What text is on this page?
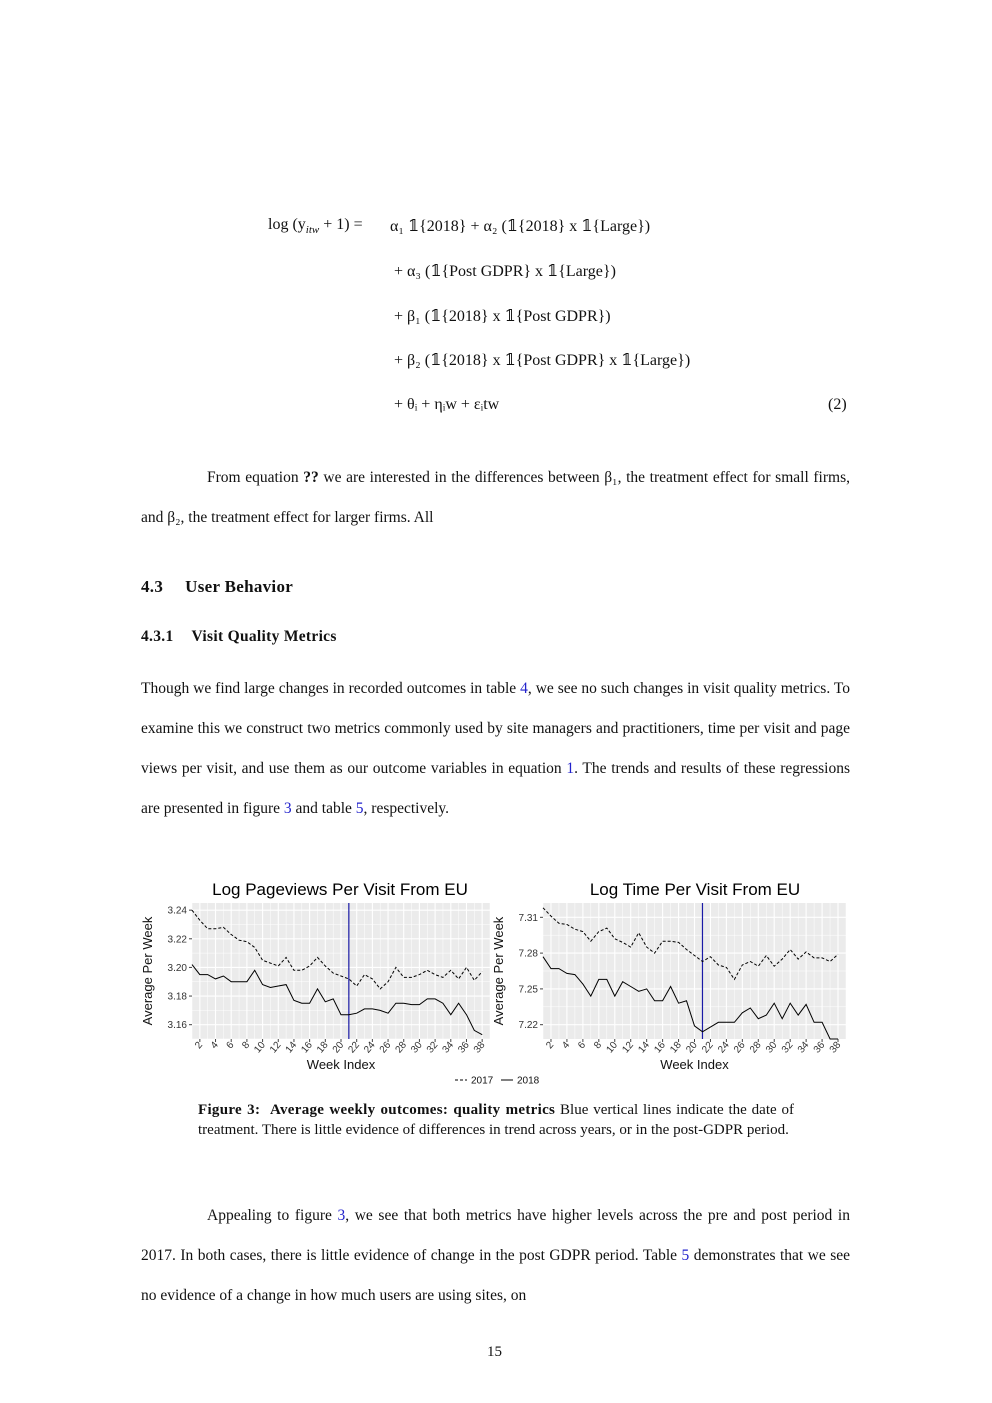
$\log (y_{itw} + 1) = \alpha_1$ 𝟙{2018} + α₂ (𝟙{2018} x 𝟙{Large})
+ α₃ (𝟙{Post GDPR} x 𝟙{Large})
+ β₁ (𝟙{2018} x 𝟙{Post GDPR})
+ β₂ (𝟙{2018} x 𝟙{Post GDPR} x 𝟙{Large})
+ θᵢ + ηᵢw + εᵢtw	(2)
From equation ?? we are interested in the differences between β₁, the treatment effect for small firms, and β₂, the treatment effect for larger firms. All
4.3 User Behavior
4.3.1 Visit Quality Metrics
Though we find large changes in recorded outcomes in table 4, we see no such changes in visit quality metrics. To examine this we construct two metrics commonly used by site managers and practitioners, time per visit and page views per visit, and use them as our outcome variables in equation 1. The trends and results of these regressions are presented in figure 3 and table 5, respectively.
Log Pageviews Per Visit From EU
3.16
3.18
3.20
3.22
3.24
2 4 6 8 10 12 14 16 18 20 22 24 26 28 30 32 34 36 38
Week Index
Average Per Week
Log Time Per Visit From EU
7.22
7.25
7.28
7.31
2 4 6 8 10 12 14 16 18 20 22 24 26 28 30 32 34 36 38
Week Index
Average Per Week
2017 2018
Figure 3: Average weekly outcomes: quality metrics Blue vertical lines indicate the date of treatment. There is little evidence of differences in trend across years, or in the post-GDPR period.
Appealing to figure 3, we see that both metrics have higher levels across the pre and post period in 2017. In both cases, there is little evidence of change in the post GDPR period. Table 5 demonstrates that we see no evidence of a change in how much users are using sites, on
15
